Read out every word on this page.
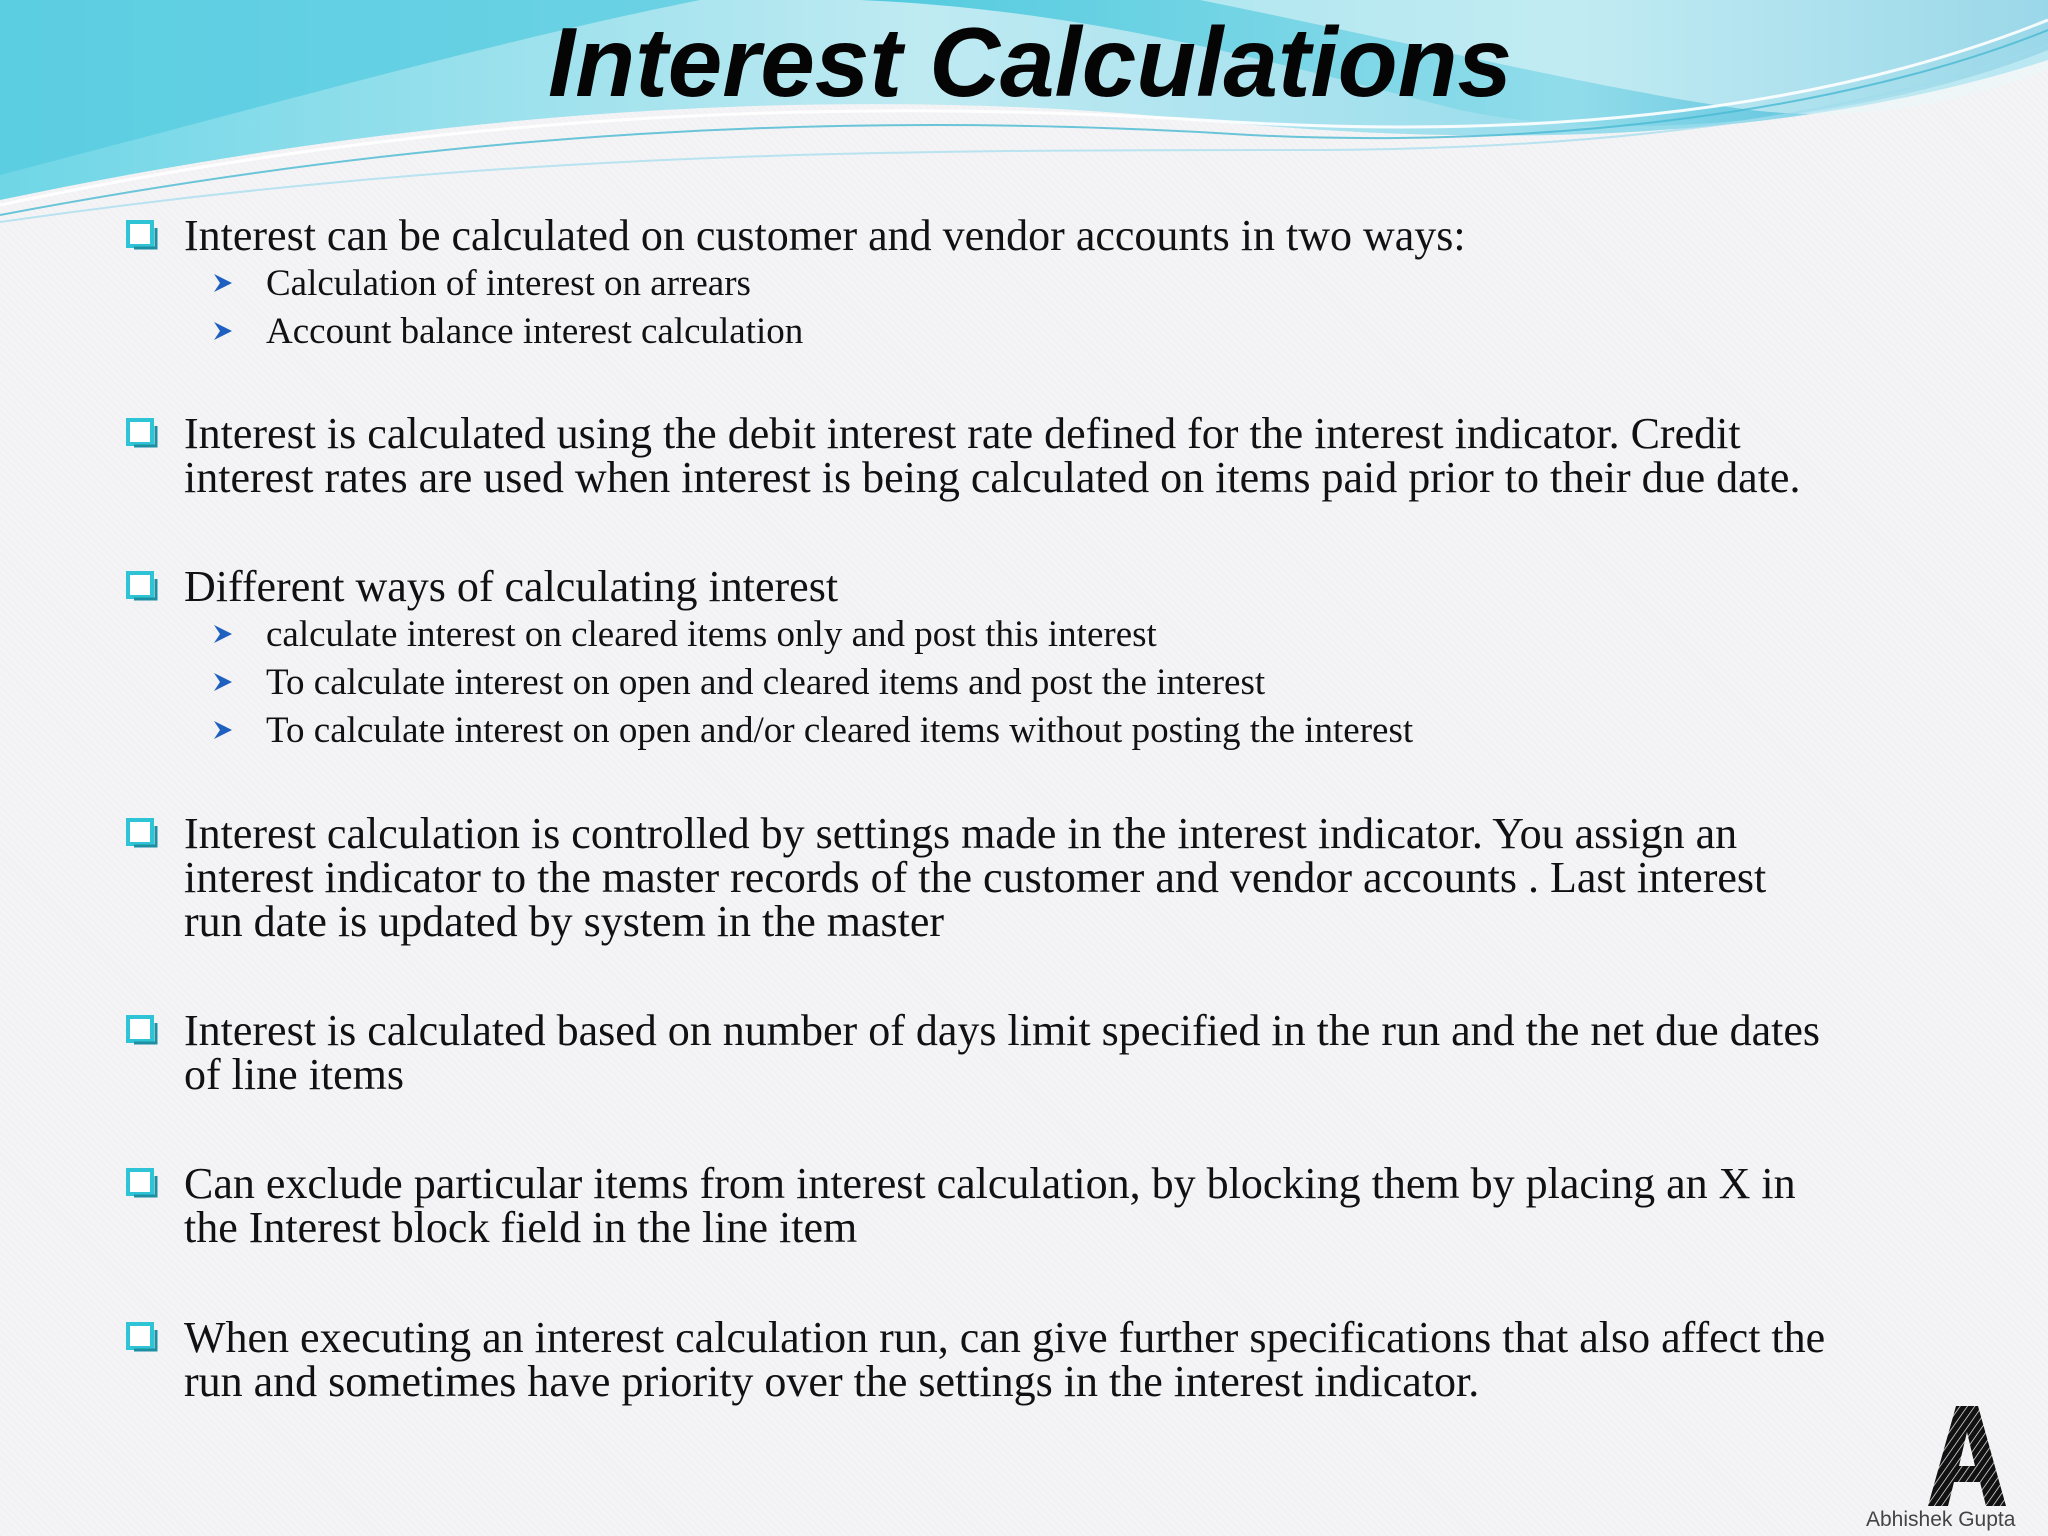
Interest Calculations
Interest can be calculated on customer and vendor accounts in two ways:
Calculation of interest on arrears
Account balance interest calculation
Interest is calculated using the debit interest rate defined for the interest indicator. Credit
interest rates are used when interest is being calculated on items paid prior to their due date.
Different ways of calculating interest
calculate interest on cleared items only and post this interest
To calculate interest on open and cleared items and post the interest
To calculate interest on open and/or cleared items without posting the interest
Interest calculation is controlled by settings made in the interest indicator. You assign an
interest indicator to the master records of the customer and vendor accounts . Last interest
run date is updated by system in the master
Interest is calculated based on number of days limit specified in the run and the net due dates
of line items
Can exclude particular items from interest calculation, by blocking them by placing an X in
the Interest block field in the line item
When executing an interest calculation run, can give further specifications that also affect the
run and sometimes have priority over the settings in the interest indicator.
Abhishek Gupta
